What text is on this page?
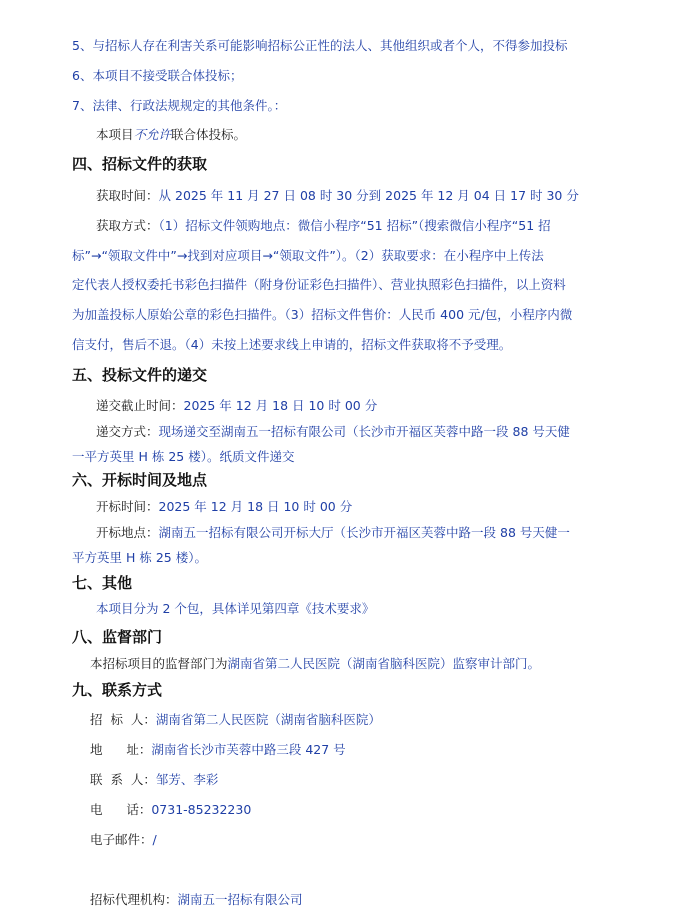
5、与招标人存在利害关系可能影响招标公正性的法人、其他组织或者个人，不得参加投标
6、本项目不接受联合体投标；
7、法律、行政法规规定的其他条件。：
本项目不允许联合体投标。
四、招标文件的获取
获取时间：从 2025 年 11 月 27 日 08 时 30 分到 2025 年 12 月 04 日 17 时 30 分
获取方式：（1）招标文件领购地点：微信小程序“51 招标”（搜索微信小程序“51 招
标”→“领取文件中”→找到对应项目→“领取文件”）。（2）获取要求：在小程序中上传法
定代表人授权委托书彩色扫描件（附身份证彩色扫描件）、营业执照彩色扫描件，以上资料
为加盖投标人原始公章的彩色扫描件。（3）招标文件售价：人民币 400 元/包，小程序内微
信支付，售后不退。（4）未按上述要求线上申请的，招标文件获取将不予受理。
五、投标文件的递交
递交截止时间：2025 年 12 月 18 日 10 时 00 分
递交方式：现场递交至湖南五一招标有限公司（长沙市开福区芙蓉中路一段 88 号天健
一平方英里 H 栋 25 楼）。纸质文件递交
六、开标时间及地点
开标时间：2025 年 12 月 18 日 10 时 00 分
开标地点：湖南五一招标有限公司开标大厅（长沙市开福区芙蓉中路一段 88 号天健一
平方英里 H 栋 25 楼）。
七、其他
本项目分为 2 个包，具体详见第四章《技术要求》
八、监督部门
本招标项目的监督部门为湖南省第二人民医院（湖南省脑科医院）监察审计部门。
九、联系方式
招  标  人：湖南省第二人民医院（湖南省脑科医院）
地      址：湖南省长沙市芙蓉中路三段 427 号
联  系  人：邹芳、李彩
电      话：0731-85232230
电子邮件：/
招标代理机构：湖南五一招标有限公司
